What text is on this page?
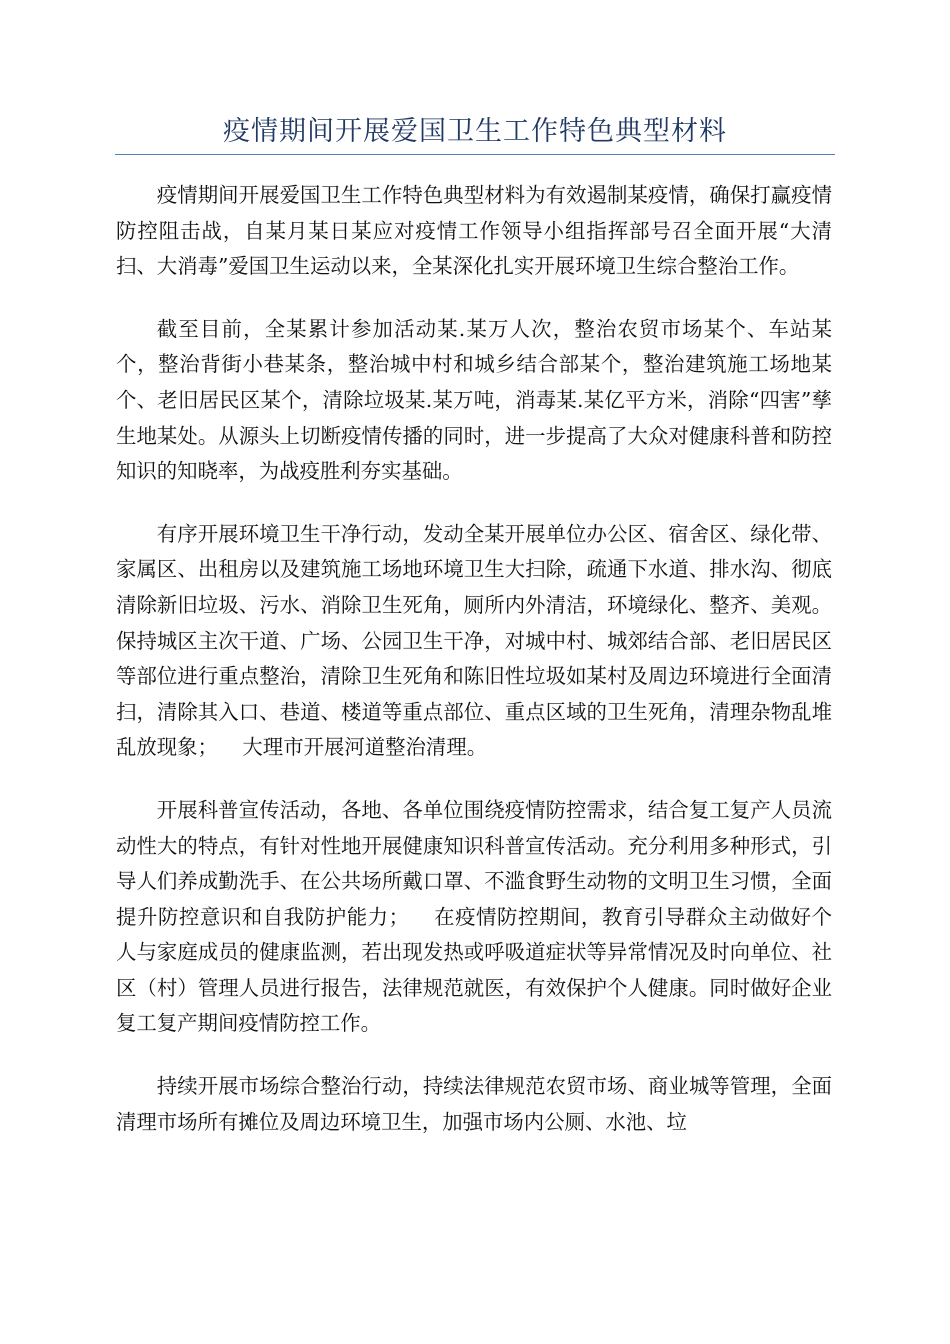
疫情期间开展爱国卫生工作特色典型材料

疫情期间开展爱国卫生工作特色典型材料为有效遏制某疫情，确保打赢疫情防控阻击战，自某月某日某应对疫情工作领导小组指挥部号召全面开展“大清扫、大消毒”爱国卫生运动以来，全某深化扎实开展环境卫生综合整治工作。

截至目前，全某累计参加活动某.某万人次，整治农贸市场某个、车站某个，整治背街小巷某条，整治城中村和城乡结合部某个，整治建筑施工场地某个、老旧居民区某个，清除垃圾某.某万吨，消毒某.某亿平方米，消除“四害”孳生地某处。从源头上切断疫情传播的同时，进一步提高了大众对健康科普和防控知识的知晓率，为战疫胜利夯实基础。

有序开展环境卫生干净行动，发动全某开展单位办公区、宿舍区、绿化带、家属区、出租房以及建筑施工场地环境卫生大扫除，疏通下水道、排水沟、彻底清除新旧垃圾、污水、消除卫生死角，厕所内外清洁，环境绿化、整齐、美观。保持城区主次干道、广场、公园卫生干净，对城中村、城郊结合部、老旧居民区等部位进行重点整治，清除卫生死角和陈旧性垃圾如某村及周边环境进行全面清扫，清除其入口、巷道、楼道等重点部位、重点区域的卫生死角，清理杂物乱堆乱放现象； 大理市开展河道整治清理。

开展科普宣传活动，各地、各单位围绕疫情防控需求，结合复工复产人员流动性大的特点，有针对性地开展健康知识科普宣传活动。充分利用多种形式，引导人们养成勤洗手、在公共场所戴口罩、不滥食野生动物的文明卫生习惯，全面提升防控意识和自我防护能力； 在疫情防控期间，教育引导群众主动做好个人与家庭成员的健康监测，若出现发热或呼吸道症状等异常情况及时向单位、社区（村）管理人员进行报告，法律规范就医，有效保护个人健康。同时做好企业复工复产期间疫情防控工作。

持续开展市场综合整治行动，持续法律规范农贸市场、商业城等管理，全面清理市场所有摊位及周边环境卫生，加强市场内公厕、水池、垃
